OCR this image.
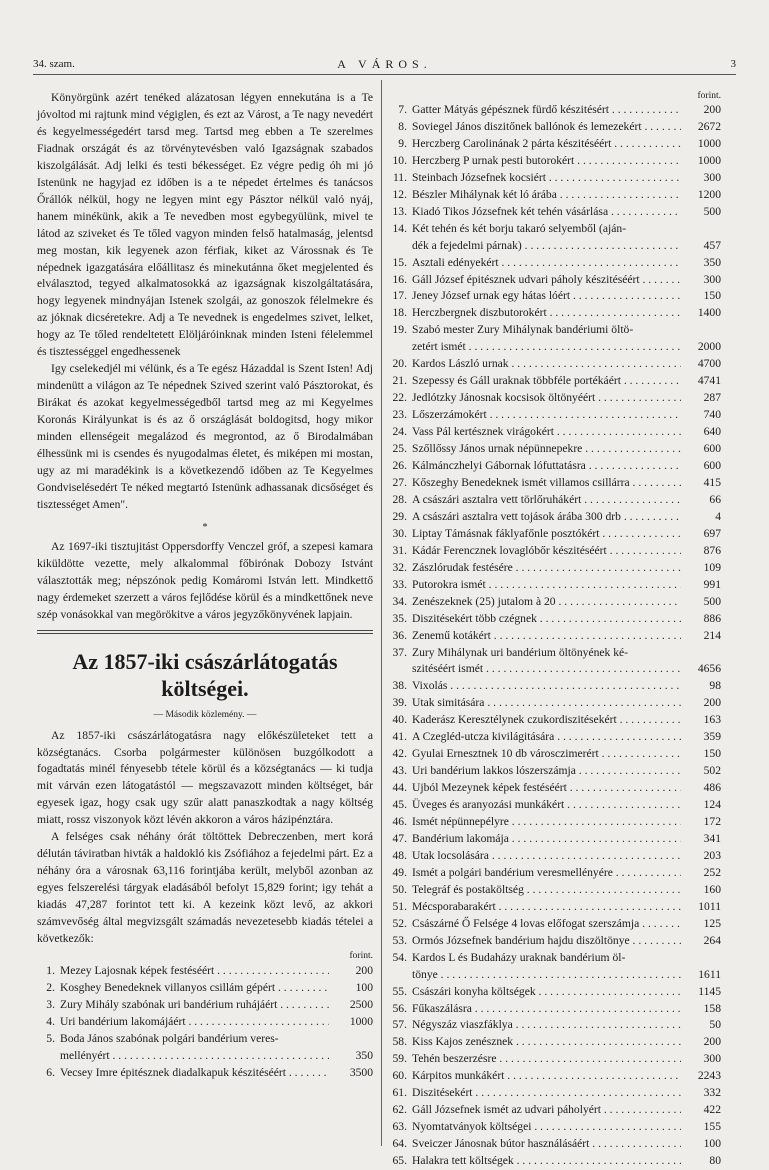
34. szam.	A VÁROS.	3

Könyörgünk azért tenéked alázatosan légyen ennekutána is a Te jóvoltod mi rajtunk mind végiglen, és ezt az Várost, a Te nagy nevedért és kegyelmességedért tarsd meg. Tartsd meg ebben a Te szerelmes Fiadnak országát és az törvénytevésben való Igazságnak szabados kiszolgálását. Adj lelki és testi békességet. Ez végre pedig óh mi jó Istenünk ne hagyjad ez időben is a te népedet értelmes és tanácsos Őrállók nélkül, hogy ne legyen mint egy Pásztor nélkül való nyáj, hanem minékünk, akik a Te nevedben most egybegyülünk, mivel te látod az sziveket és Te tőled vagyon minden felső hatalmaság, jelentsd meg mostan, kik legyenek azon férfiak, kiket az Várossnak és Te népednek igazgatására előállitasz és minekutánna őket megjelented és elválasztod, tegyed alkalmatosokká az igazságnak kiszolgáltatására, hogy legyenek mindnyájan Istenek szolgái, az gonoszok félelmekre és az jóknak dicséretekre. Adj a Te nevednek is engedelmes szivet, lelket, hogy az Te tőled rendeltetett Elöljáróinknak minden Isteni félelemmel és tisztességgel engedhessenek

Igy cselekedjél mi vélünk, és a Te egész Házaddal is Szent Isten! Adj mindenütt a világon az Te népednek Szived szerint való Pásztorokat, és Birákat és azokat kegyelmességedből tartsd meg az mi Kegyelmes Koronás Királyunkat is és az ő országlását boldogitsd, hogy mikor minden ellenségeit megalázod és megrontod, az ő Birodalmában élhessünk mi is csendes és nyugodalmas életet, és miképen mi mostan, ugy az mi maradékink is a következendő időben az Te Kegyelmes Gondviselésedért Te néked megtartó Istenünk adhassanak dicsőséget és tisztességet Amen".

*

Az 1697-iki tisztujitást Oppersdorffy Venczel gróf, a szepesi kamara kiküldötte vezette, mely alkalommal főbirónak Dobozy Istvánt választották meg; népszónok pedig Komáromi István lett. Mindkettő nagy érdemeket szerzett a város fejlődése körül és a mindkettőnek neve szép vonásokkal van megörökitve a város jegyzőkönyvének lapjain.

Az 1857-iki császárlátogatás
költségei.
— Második közlemény. —

Az 1857-iki császárlátogatásra nagy előkészületeket tett a községtanács. Csorba polgármester különösen buzgólkodott a fogadtatás minél fényesebb tétele körül és a községtanács — ki tudja mit várván ezen látogatástól — megszavazott minden költséget, bár egyesek igaz, hogy csak ugy szűr alatt panaszkodtak a nagy költség miatt, rossz viszonyok közt lévén akkoron a város házipénztára.

A felséges csak néhány órát töltöttek Debreczenben, mert korá délután táviratban hivták a haldokló kis Zsófiához a fejedelmi párt. Ez a néhány óra a városnak 63,116 forintjába került, melyből azonban az egyes felszerelési tárgyak eladásából befolyt 15,829 forint; igy tehát a kiadás 47,287 forintot tett ki. A kezeink közt levő, az akkori számvevőség által megvizsgált számadás nevezetesebb kiadás tételei a következők:

forint.
1. Mezey Lajosnak képek festéséért . . .	200
2. Kosghey Benedeknek villanyos csillám gépért . . .	100
3. Zury Mihály szabónak uri bandérium ruhájáért . . .	2500
4. Uri bandérium lakomájáért . . .	1000
5. Boda János szabónak polgári bandérium veres-
mellényért . . .	350
6. Vecsey Imre épitésznek diadalkapuk készitéséért . . .	3500
forint.
7. Gatter Mátyás gépésznek fürdő készitésért . . .	200
8. Soviegel János diszitőnek ballónok és lemezekért . . .	2672
9. Herczberg Carolinának 2 párta készitéséért . . .	1000
10. Herczberg P urnak pesti butorokért . . .	1000
11. Steinbach Józsefnek kocsiért . . .	300
12. Bészler Mihálynak két ló árába . . .	1200
13. Kiadó Tikos Józsefnek két tehén vásárlása . . .	500
14. Két tehén és két borju takaró selyemből (aján-
dék a fejedelmi párnak) . . .	457
15. Asztali edényekért . . .	350
16. Gáll József épitésznek udvari páholy készitéséért . . .	300
17. Jeney József urnak egy hátas lóért . . .	150
18. Herczbergnek diszbutorokért . . .	1400
19. Szabó mester Zury Mihálynak bandériumi öltö-
zetért ismét . . .	2000
20. Kardos László urnak . . .	4700
21. Szepessy és Gáll uraknak többféle portékáért . . .	4741
22. Jedlótzky Jánosnak kocsisok öltönyéért . . .	287
23. Lőszerzámokért . . .	740
24. Vass Pál kertésznek virágokért . . .	640
25. Szőllőssy János urnak népünnepekre . . .	600
26. Kálmánczhelyi Gábornak lófuttatásra . . .	600
27. Kőszeghy Benedeknek ismét villamos csillárra . . .	415
28. A császári asztalra vett törlőruhákért . . .	66
29. A császári asztalra vett tojások árába 300 drb . . .	4
30. Liptay Támásnak fáklyafőnle posztókért . . .	697
31. Kádár Ferencznek lovaglóbőr készitéséért . . .	876
32. Zászlórudak festésére . . .	109
33. Putorokra ismét . . .	991
34. Zenészeknek (25) jutalom à 20 . . .	500
35. Diszitésekért több czégnek . . .	886
36. Zenemű kotákért . . .	214
37. Zury Mihálynak uri bandérium öltönyének ké-
szitéséért ismét . . .	4656
38. Vixolás . . .	98
39. Utak simitására . . .	200
40. Kaderász Keresztélynek czukordiszitésekért . . .	163
41. A Czegléd-utcza kivilágitására . . .	359
42. Gyulai Ernesztnek 10 db városczimerért . . .	150
43. Uri bandérium lakkos lószerszámja . . .	502
44. Ujból Mezeynek képek festéséért . . .	486
45. Üveges és aranyozási munkákért . . .	124
46. Ismét népünnepélyre . . .	172
47. Bandérium lakomája . . .	341
48. Utak locsolására . . .	203
49. Ismét a polgári bandérium veresmellényére . . .	252
50. Telegráf és postaköltség . . .	160
51. Mécsporabarakért . . .	1011
52. Császárné Ő Felsége 4 lovas előfogat szerszámja . . .	125
53. Ormós Józsefnek bandérium hajdu diszöltönye . . .	264
54. Kardos L és Budaházy uraknak bandérium öl-
tönye . . .	1611
55. Császári konyha költségek . . .	1145
56. Fűkaszálásra . . .	158
57. Négyszáz viaszfáklya . . .	50
58. Kiss Kajos zenésznek . . .	200
59. Tehén beszerzésre . . .	300
60. Kárpitos munkákért . . .	2243
61. Diszitésekért . . .	332
62. Gáll Józsefnek ismét az udvari páholyért . . .	422
63. Nyomtatványok költségei . . .	155
64. Sveiczer Jánosnak bútor használásáért . . .	100
65. Halakra tett költségek . . .	80
